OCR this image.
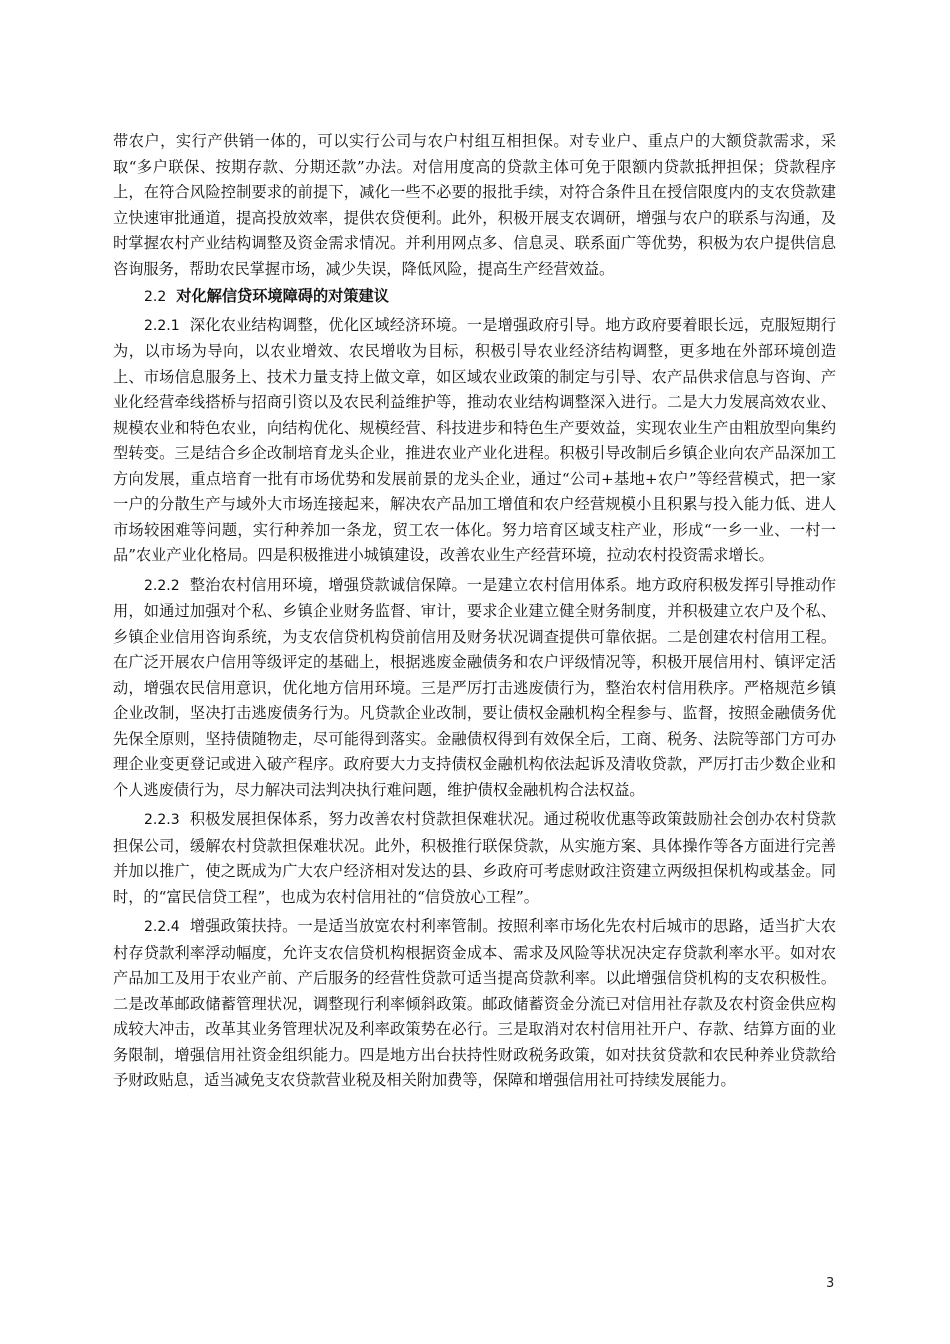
带农户，实行产供销一体的，可以实行公司与农户村组互相担保。对专业户、重点户的大额贷款需求，采取“多户联保、按期存款、分期还款”办法。对信用度高的贷款主体可免于限额内贷款抵押担保；贷款程序上，在符合风险控制要求的前提下，减化一些不必要的报批手续，对符合条件且在授信限度内的支农贷款建立快速审批通道，提高投放效率，提供农贷便利。此外，积极开展支农调研，增强与农户的联系与沟通，及时掌握农村产业结构调整及资金需求情况。并利用网点多、信息灵、联系面广等优势，积极为农户提供信息咨询服务，帮助农民掌握市场，减少失误，降低风险，提高生产经营效益。

2.2 对化解信贷环境障碍的对策建议

2.2.1 深化农业结构调整，优化区域经济环境。一是增强政府引导。地方政府要着眼长远，克服短期行为，以市场为导向，以农业增效、农民增收为目标，积极引导农业经济结构调整，更多地在外部环境创造上、市场信息服务上、技术力量支持上做文章，如区域农业政策的制定与引导、农产品供求信息与咨询、产业化经营牵线搭桥与招商引资以及农民利益维护等，推动农业结构调整深入进行。二是大力发展高效农业、规模农业和特色农业，向结构优化、规模经营、科技进步和特色生产要效益，实现农业生产由粗放型向集约型转变。三是结合乡企改制培育龙头企业，推进农业产业化进程。积极引导改制后乡镇企业向农产品深加工方向发展，重点培育一批有市场优势和发展前景的龙头企业，通过“公司+基地+农户”等经营模式，把一家一户的分散生产与域外大市场连接起来，解决农产品加工增值和农户经营规模小且积累与投入能力低、进人市场较困难等问题，实行种养加一条龙，贸工农一体化。努力培育区域支柱产业，形成“一乡一业、一村一品”农业产业化格局。四是积极推进小城镇建设，改善农业生产经营环境，拉动农村投资需求增长。

2.2.2 整治农村信用环境，增强贷款诚信保障。一是建立农村信用体系。地方政府积极发挥引导推动作用，如通过加强对个私、乡镇企业财务监督、审计，要求企业建立健全财务制度，并积极建立农户及个私、乡镇企业信用咨询系统，为支农信贷机构贷前信用及财务状况调查提供可靠依据。二是创建农村信用工程。在广泛开展农户信用等级评定的基础上，根据逃废金融债务和农户评级情况等，积极开展信用村、镇评定活动，增强农民信用意识，优化地方信用环境。三是严厉打击逃废债行为，整治农村信用秩序。严格规范乡镇企业改制，坚决打击逃废债务行为。凡贷款企业改制，要让债权金融机构全程参与、监督，按照金融债务优先保全原则，坚持债随物走，尽可能得到落实。金融债权得到有效保全后，工商、税务、法院等部门方可办理企业变更登记或进入破产程序。政府要大力支持债权金融机构依法起诉及清收贷款，严厉打击少数企业和个人逃废债行为，尽力解决司法判决执行难问题，维护债权金融机构合法权益。

2.2.3 积极发展担保体系，努力改善农村贷款担保难状况。通过税收优惠等政策鼓励社会创办农村贷款担保公司，缓解农村贷款担保难状况。此外，积极推行联保贷款，从实施方案、具体操作等各方面进行完善并加以推广，使之既成为广大农户经济相对发达的县、乡政府可考虑财政注资建立两级担保机构或基金。同时，的“富民信贷工程”，也成为农村信用社的“信贷放心工程”。

2.2.4 增强政策扶持。一是适当放宽农村利率管制。按照利率市场化先农村后城市的思路，适当扩大农村存贷款利率浮动幅度，允许支农信贷机构根据资金成本、需求及风险等状况决定存贷款利率水平。如对农产品加工及用于农业产前、产后服务的经营性贷款可适当提高贷款利率。以此增强信贷机构的支农积极性。二是改革邮政储蓄管理状况，调整现行利率倾斜政策。邮政储蓄资金分流已对信用社存款及农村资金供应构成较大冲击，改革其业务管理状况及利率政策势在必行。三是取消对农村信用社开户、存款、结算方面的业务限制，增强信用社资金组织能力。四是地方出台扶持性财政税务政策，如对扶贫贷款和农民种养业贷款给予财政贴息，适当减免支农贷款营业税及相关附加费等，保障和增强信用社可持续发展能力。

3
